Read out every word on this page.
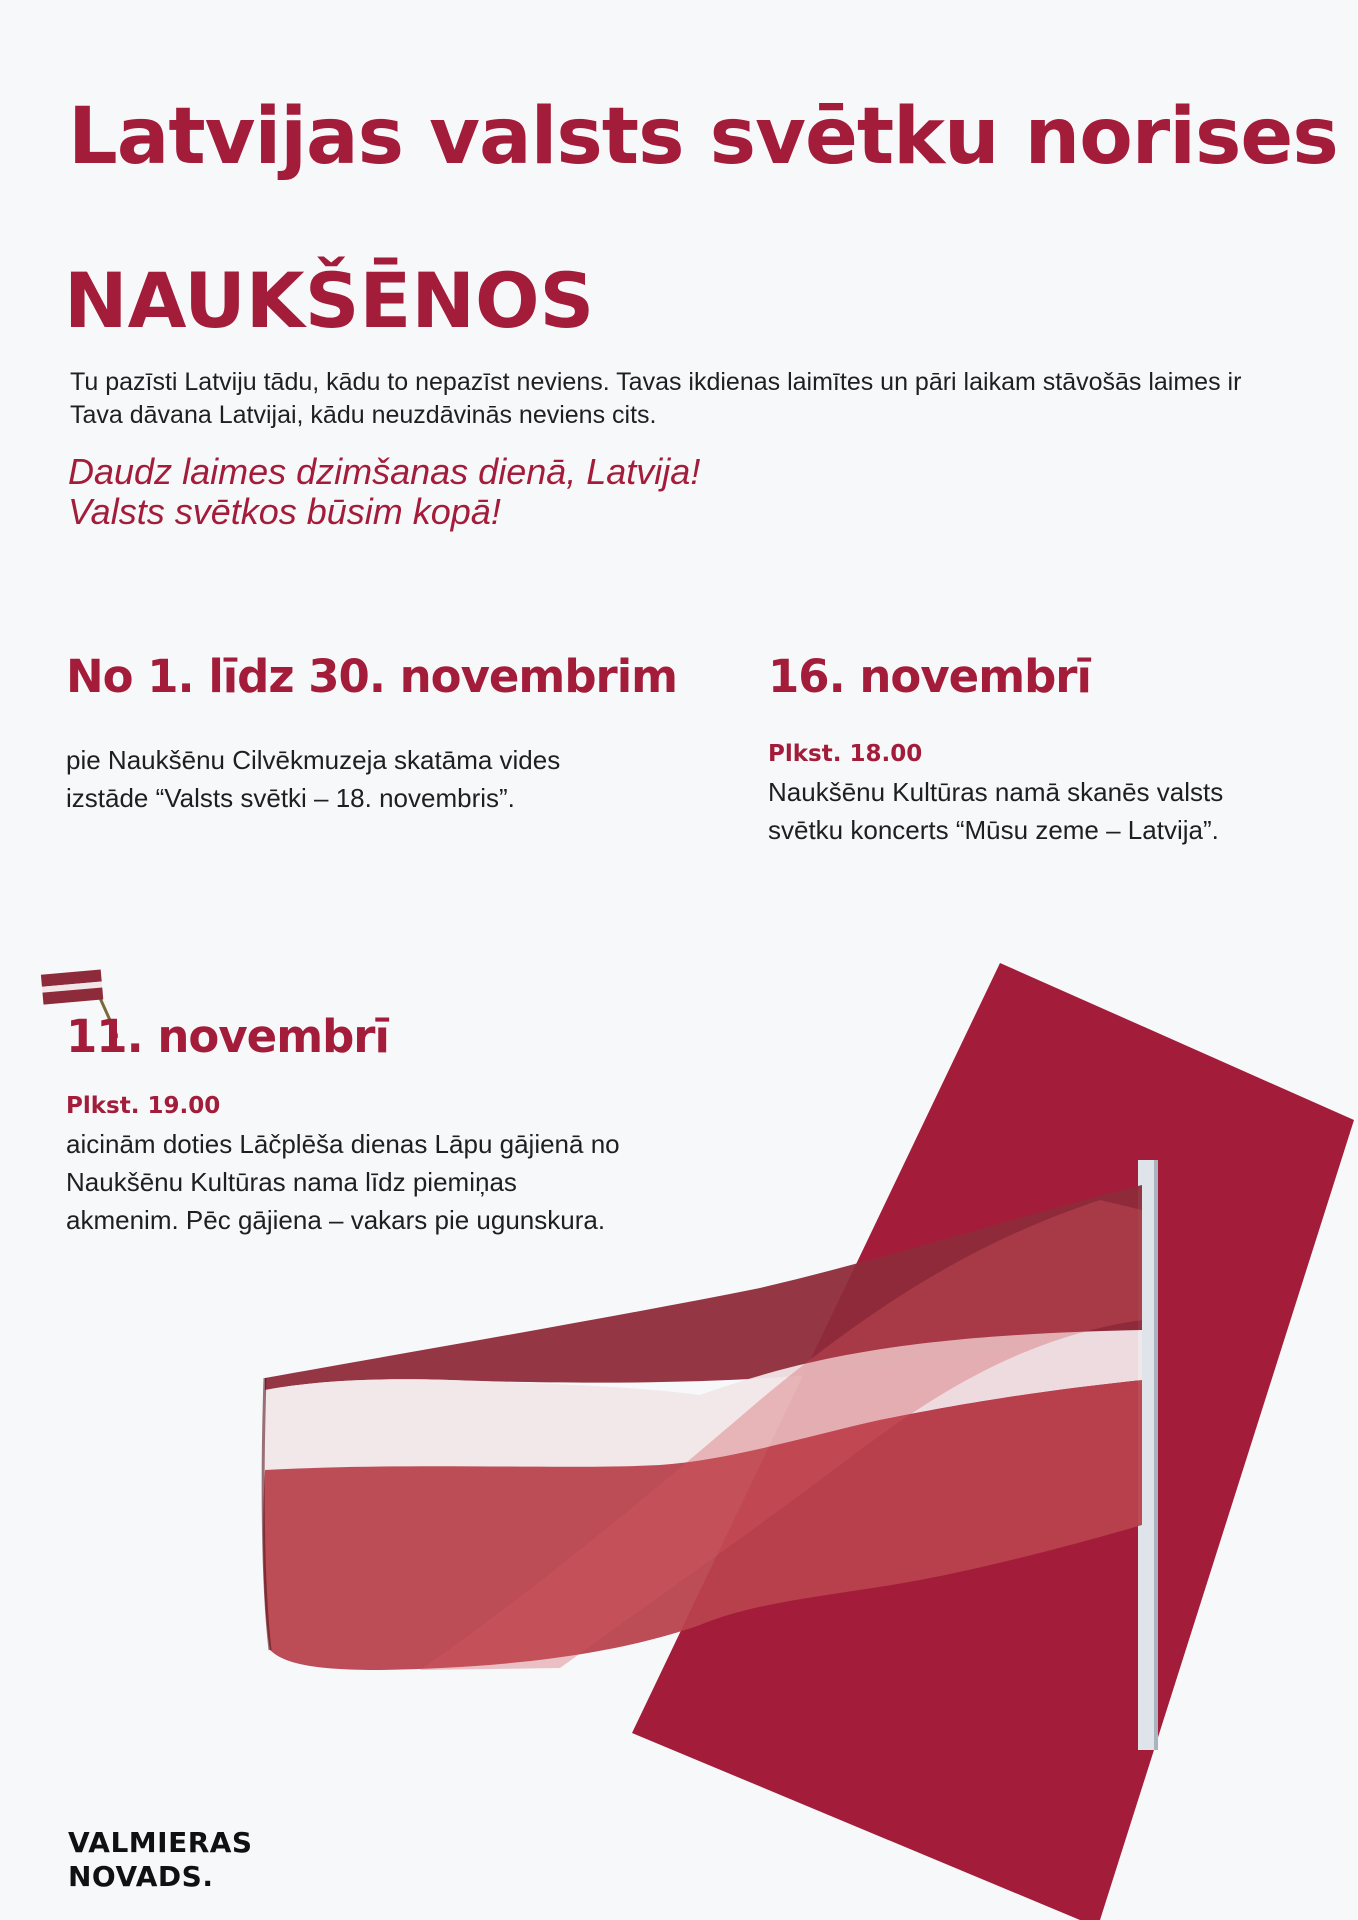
Latvijas valsts svētku norises
NAUKŠĒNOS

Tu pazīsti Latviju tādu, kādu to nepazīst neviens. Tavas ikdienas laimītes un pāri laikam stāvošās laimes ir Tava dāvana Latvijai, kādu neuzdāvinās neviens cits.

Daudz laimes dzimšanas dienā, Latvija!
Valsts svētkos būsim kopā!

No 1. līdz 30. novembrim

pie Naukšēnu Cilvēkmuzeja skatāma vides
izstāde “Valsts svētki – 18. novembris”.

16. novembrī

Plkst. 18.00

Naukšēnu Kultūras namā skanēs valsts
svētku koncerts “Mūsu zeme – Latvija”.

11. novembrī

Plkst. 19.00

aicinām doties Lāčplēša dienas Lāpu gājienā no
Naukšēnu Kultūras nama līdz piemiņas
akmenim. Pēc gājiena – vakars pie ugunskura.

VALMIERAS
NOVADS.
